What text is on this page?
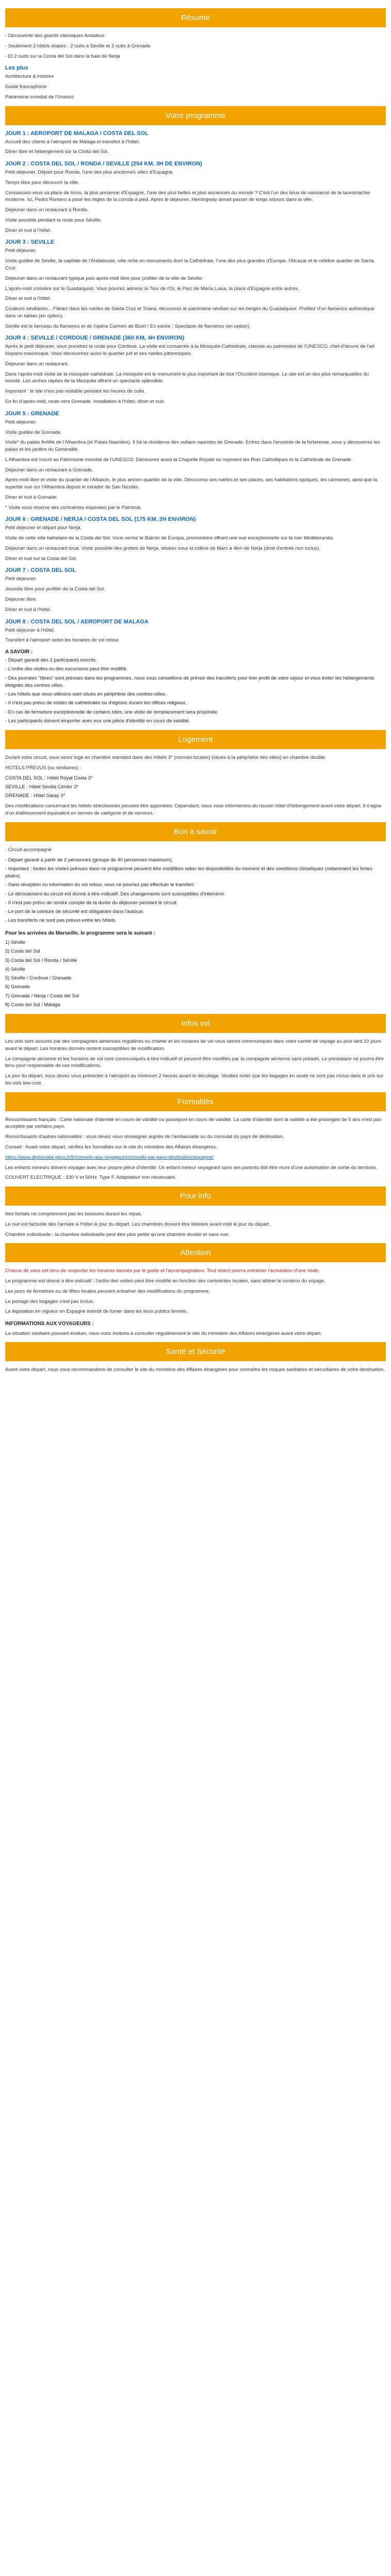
Résumé

- Découverte des grands classiques Andalous

- Seulement 3 hôtels étapes : 2 nuits à Séville et 2 nuits à Grenade

- Et 2 nuits sur la Costa del Sol dans la baie de Nerja

Les plus

Architecture & Histoire

Guide francophone

Patrimoine mondial de l'Unesco

Votre programme
JOUR 1 : AEROPORT DE MALAGA / COSTA DEL SOL

Accueil des clients à l'aéroport de Malaga et transfert à l'hôtel.

Dîner libre et hébergement sur la Costa del Sol.

JOUR 2 : COSTA DEL SOL / RONDA / SEVILLE (254 KM, 3H DE ENVIRON)

Petit déjeuner. Départ pour Ronda, l'une des plus anciennes villes d'Espagne.

Temps libre pour découvrir la ville.

Connaissez-vous sa place de toros, la plus ancienne d'Espagne, l'une des plus belles et plus anciennes du monde ? C'est l'un des lieux de naissance de la tauromachie moderne. Ici, Pedro Romero a posé les règles de la corrida à pied. Après le déjeuner, Hemingway aimait passer de longs séjours dans la ville.

Déjeuner dans un restaurant à Ronda.

Visite possible pendant la route pour Séville.

Dîner et nuit à l'hôtel.

JOUR 3 : SEVILLE

Petit déjeuner.

Visite guidée de Séville, la capitale de l'Andalousie, ville riche en monuments dont la Cathédrale, l'une des plus grandes d'Europe, l'Alcazar et le célèbre quartier de Santa Cruz.

Déjeuner dans un restaurant typique puis après-midi libre pour profiter de la ville de Séville.

L'après-midi croisière sur le Guadalquivir. Vous pourrez admirer la Tour de l'Or, le Parc de María Luisa, la place d'Espagne entre autres.

Dîner et nuit à l'hôtel.

Couleurs sévillanes... Flânez dans les ruelles de Santa Cruz et Triana, découvrez le patrimoine sévillan sur les berges du Guadalquivir. Profitez d'un flamenco authentique dans un tablao (en option).

Séville est le berceau du flamenco et de l'opéra Carmen de Bizet ! En soirée : Spectacle de flamenco (en option).

JOUR 4 : SEVILLE / CORDOUE / GRENADE (360 KM, 4H ENVIRON)

Après le petit déjeuner, vous prendrez la route pour Cordoue. La visite est consacrée à la Mosquée-Cathédrale, classée au patrimoine de l'UNESCO, chef-d'œuvre de l'art hispano-mauresque. Vous découvrirez aussi le quartier juif et ses ruelles pittoresques.

Déjeuner dans un restaurant.

Dans l'après-midi visite de la mosquée-cathédrale. La mosquée est le monument le plus important de tout l'Occident islamique. Le site est un des plus remarquables du monde. Les arches rayées de la Mezquita offrent un spectacle splendide.

Important : le site n'est pas visitable pendant les heures de culte.

En fin d'après-midi, route vers Grenade. Installation à l'hôtel, dîner et nuit.

JOUR 5 : GRENADE

Petit déjeuner.

Visite guidée de Grenade.

Visite* du palais fortifié de l'Alhambra (et Palais Nasrides). Il fut la résidence des sultans nasrides de Grenade. Entrez dans l'enceinte de la forteresse, vous y découvrirez les palais et les jardins du Generalife.

L'Alhambra est inscrit au Patrimoine mondial de l'UNESCO. Découvrez aussi la Chapelle Royale où reposent les Rois Catholiques et la Cathédrale de Grenade.

Déjeuner dans un restaurant à Grenade.

Après-midi libre et visite du quartier de l'Albaicin, le plus ancien quartier de la ville. Découvrez ses ruelles et ses places, ses habitations typiques, les cármenes, ainsi que la superbe vue sur l'Alhambra depuis le mirador de San Nicolás.

Dîner et nuit à Grenade.

* Visite sous réserve des contraintes imposées par le Patronat.

JOUR 6 : GRENADE / NERJA / COSTA DEL SOL (175 KM, 2H ENVIRON)

Petit déjeuner et départ pour Nerja.

Visite de cette ville balnéaire de la Costa del Sol. Vous verrez le Balcón de Europa, promontoire offrant une vue exceptionnelle sur la mer Méditerranée.

Déjeuner dans un restaurant local. Visite possible des grottes de Nerja, situées sous la colline de Maro à 4km de Nerja (droit d'entrée non inclus).

Dîner et nuit sur la Costa del Sol.

JOUR 7 : COSTA DEL SOL

Petit déjeuner.

Journée libre pour profiter de la Costa del Sol.

Déjeuner libre.

Dîner et nuit à l'hôtel.

JOUR 8 : COSTA DEL SOL / AEROPORT DE MALAGA

Petit déjeuner à l'hôtel.

Transfert à l'aéroport selon les horaires de vol retour.

A SAVOIR :
- Départ garanti dès 2 participants inscrits.
- L'ordre des visites ou des excursions peut être modifié.
- Des journées "libres" sont prévues dans les programmes, nous vous conseillons de prévoir des transferts pour tirer profit de votre séjour et vous éviter les hébergements éloignés des centres villes.
- Les hôtels que nous utilisons sont situés en périphérie des centres-villes.
- Il n'est pas prévu de visites de cathédrales ou d'églises durant les offices religieux.
- En cas de fermeture exceptionnelle de certains sites, une visite de remplacement sera proposée.
- Les participants doivent emporter avec eux une pièce d'identité en cours de validité.
Logement

Durant votre circuit, vous serez logé en chambre standard dans des hôtels 3* (normes locales) (situés à la périphérie des villes) en chambre double.

HOTELS PREVUS (ou similaires) :

COSTA DEL SOL : Hôtel Royal Costa 3*
SEVILLE : Hôtel Sevilla Center 3*
GRENADE : Hôtel Saray 3*

Des modifications concernant les hôtels sélectionnés peuvent être apportées. Cependant, nous vous informerons du nouvel hôtel d'hébergement avant votre départ. Il s'agira d'un établissement équivalent en termes de catégorie et de services.

Bon à savoir

- Circuit accompagné

- Départ garanti à partir de 2 personnes (groupe de 40 personnes maximum).
- Important : toutes les visites prévues dans ce programme peuvent être modifiées selon les disponibilités du moment et des conditions climatiques (notamment les fortes pluies).
- Sans réception ou information du vol retour, vous ne pourrez pas effectuer le transfert.
- Le déroulement du circuit est donné à titre indicatif. Des changements sont susceptibles d'intervenir.
- Il n'est pas prévu de rendre compte de la durée du déjeuner pendant le circuit.
- Le port de la ceinture de sécurité est obligatoire dans l'autocar.
- Les transferts ne sont pas prévus entre les hôtels.

Pour les arrivées de Marseille, le programme sera le suivant :

1) Séville
2) Costa del Sol
3) Costa del Sol / Ronda / Séville
4) Séville
5) Séville / Cordoue / Grenade
6) Grenade
7) Grenade / Nerja / Costa del Sol
8) Costa del Sol / Málaga
Infos vol

Les vols sont assurés par des compagnies aériennes régulières ou charter et les horaires de vol vous seront communiqués dans votre carnet de voyage au plus tard 10 jours avant le départ. Les horaires donnés restent susceptibles de modification.

La compagnie aérienne et les horaires de vol sont communiqués à titre indicatif et peuvent être modifiés par la compagnie aérienne sans préavis. Le prestataire ne pourra être tenu pour responsable de ces modifications.

Le jour du départ, vous devez vous présenter à l'aéroport au minimum 2 heures avant le décollage. Veuillez noter que les bagages en soute ne sont pas inclus dans le prix sur les vols low-cost.

Formalités

Ressortissants français : Carte nationale d'identité en cours de validité ou passeport en cours de validité. La carte d'identité dont la validité a été prolongée de 5 ans n'est pas acceptée par certains pays.

Ressortissants d'autres nationalités : vous devez vous renseigner auprès de l'ambassade ou du consulat du pays de destination.

Conseil : Avant votre départ, vérifiez les formalités sur le site du ministère des Affaires étrangères.

https://www.diplomatie.gouv.fr/fr/conseils-aux-voyageurs/conseils-par-pays-destination/espagne/

Les enfants mineurs doivent voyager avec leur propre pièce d'identité. Un enfant mineur voyageant sans ses parents doit être muni d'une autorisation de sortie du territoire.

COUVERT ELECTRIQUE : 230 V et 50Hz. Type F. Adaptateur non nécessaire.

Pour info

Nos forfaits ne comprennent pas les boissons durant les repas.

La nuit est facturée dès l'arrivée à l'hôtel le jour du départ. Les chambres doivent être libérées avant midi le jour du départ.

Chambre individuelle : la chambre individuelle peut être plus petite qu'une chambre double et sans vue.

Attention

Chacun de vous est tenu de respecter les horaires donnés par le guide et l'accompagnateur. Tout retard pourra entraîner l'annulation d'une visite.

Le programme est donné à titre indicatif : l'ordre des visites peut être modifié en fonction des contraintes locales, sans altérer le contenu du voyage.

Les jours de fermeture ou de fêtes locales peuvent entraîner des modifications du programme.

Le portage des bagages n'est pas inclus.

La législation en vigueur en Espagne interdit de fumer dans les lieux publics fermés.

INFORMATIONS AUX VOYAGEURS :

La situation sanitaire pouvant évoluer, nous vous invitons à consulter régulièrement le site du ministère des Affaires étrangères avant votre départ.

Santé et Sécurité

Avant votre départ, nous vous recommandons de consulter le site du ministère des Affaires étrangères pour connaître les risques sanitaires et sécuritaires de votre destination.
